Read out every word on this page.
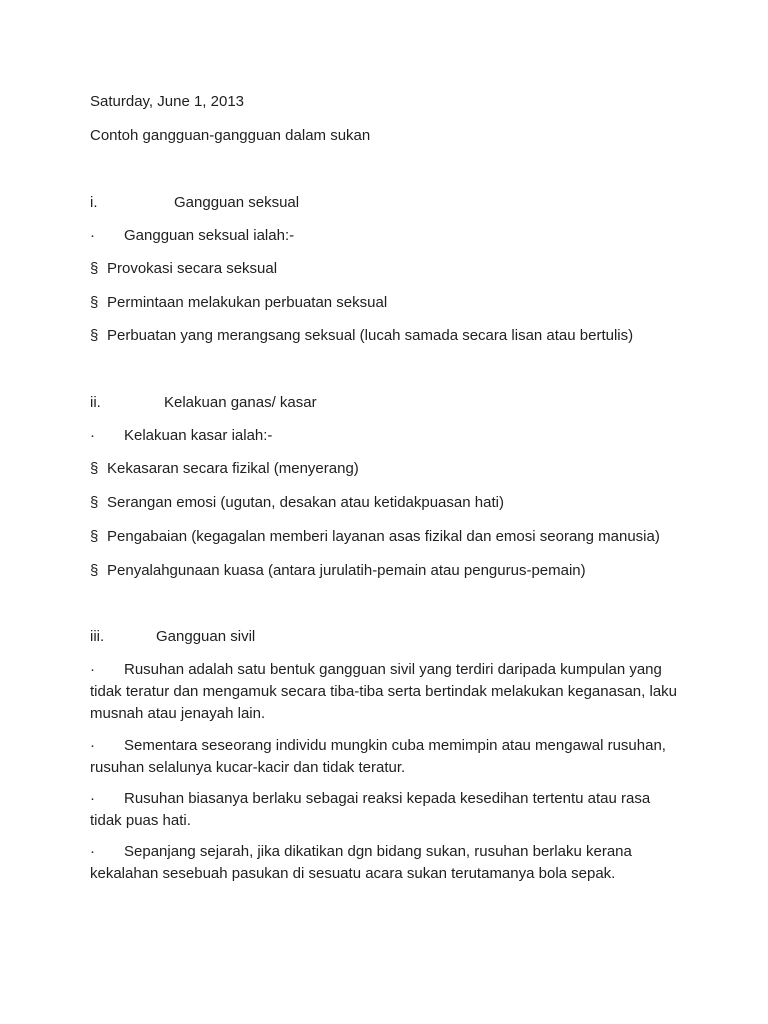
Saturday, June 1, 2013
Contoh gangguan-gangguan dalam sukan
i.	Gangguan seksual
· Gangguan seksual ialah:-
§ Provokasi secara seksual
§ Permintaan melakukan perbuatan seksual
§ Perbuatan yang merangsang seksual (lucah samada secara lisan atau bertulis)
ii.	Kelakuan ganas/ kasar
· Kelakuan kasar ialah:-
§ Kekasaran secara fizikal (menyerang)
§ Serangan emosi (ugutan, desakan atau ketidakpuasan hati)
§ Pengabaian (kegagalan memberi layanan asas fizikal dan emosi seorang manusia)
§ Penyalahgunaan kuasa (antara jurulatih-pemain atau pengurus-pemain)
iii.	Gangguan sivil
· Rusuhan adalah satu bentuk gangguan sivil yang terdiri daripada kumpulan yang tidak teratur dan mengamuk secara tiba-tiba serta bertindak melakukan keganasan, laku musnah atau jenayah lain.
· Sementara seseorang individu mungkin cuba memimpin atau mengawal rusuhan, rusuhan selalunya kucar-kacir dan tidak teratur.
· Rusuhan biasanya berlaku sebagai reaksi kepada kesedihan tertentu atau rasa tidak puas hati.
· Sepanjang sejarah, jika dikatikan dgn bidang sukan, rusuhan berlaku kerana kekalahan sesebuah pasukan di sesuatu acara sukan terutamanya bola sepak.
